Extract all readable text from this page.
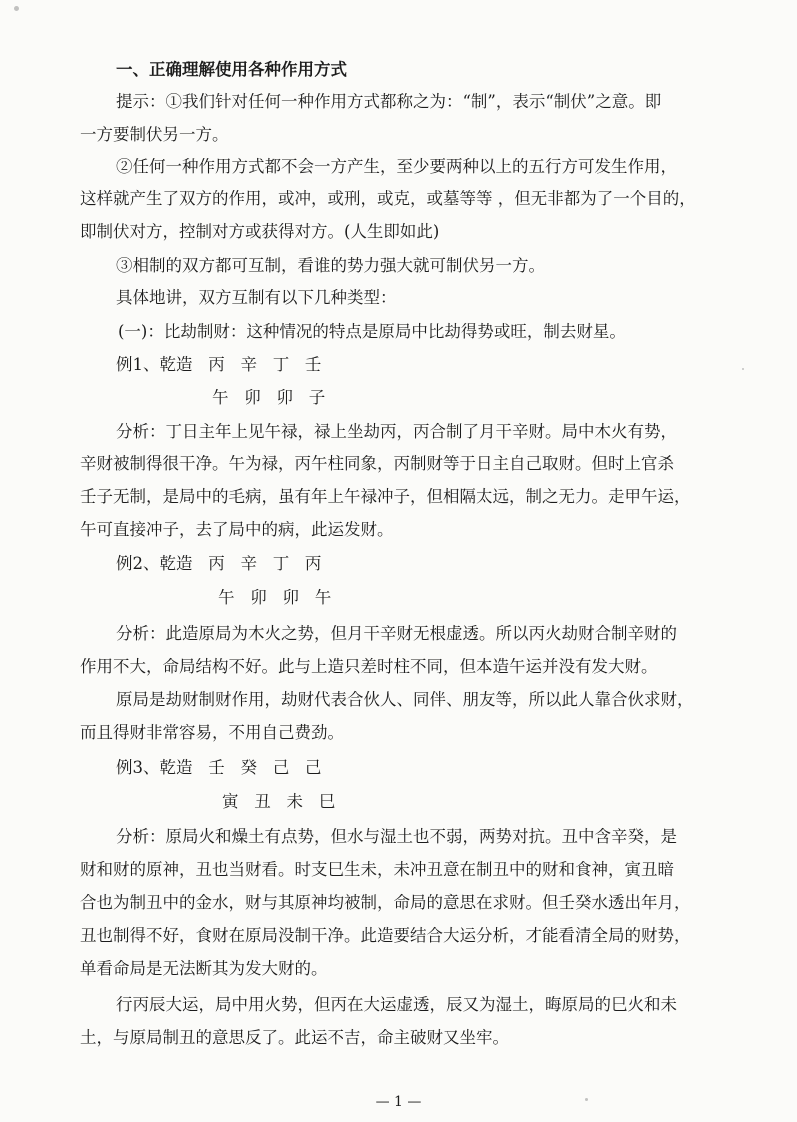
一、正确理解使用各种作用方式
提示：①我们针对任何一种作用方式都称之为：“制”，表示“制伏”之意。即
一方要制伏另一方。
②任何一种作用方式都不会一方产生，至少要两种以上的五行方可发生作用，
这样就产生了双方的作用，或冲，或刑，或克，或墓等等 ，但无非都为了一个目的，
即制伏对方，控制对方或获得对方。(人生即如此)
③相制的双方都可互制，看谁的势力强大就可制伏另一方。
具体地讲，双方互制有以下几种类型：
(一)：比劫制财：这种情况的特点是原局中比劫得势或旺，制去财星。
例1、乾造   丙   辛   丁   壬
午   卯   卯   子
分析：丁日主年上见午禄，禄上坐劫丙，丙合制了月干辛财。局中木火有势，
辛财被制得很干净。午为禄，丙午柱同象，丙制财等于日主自己取财。但时上官杀
壬子无制，是局中的毛病，虽有年上午禄冲子，但相隔太远，制之无力。走甲午运，
午可直接冲子，去了局中的病，此运发财。
例2、乾造   丙   辛   丁   丙
午   卯   卯   午
分析：此造原局为木火之势，但月干辛财无根虚透。所以丙火劫财合制辛财的
作用不大，命局结构不好。此与上造只差时柱不同，但本造午运并没有发大财。
原局是劫财制财作用，劫财代表合伙人、同伴、朋友等，所以此人靠合伙求财，
而且得财非常容易，不用自己费劲。
例3、乾造   壬   癸   己   己
寅   丑   未   巳
分析：原局火和燥土有点势，但水与湿土也不弱，两势对抗。丑中含辛癸，是
财和财的原神，丑也当财看。时支巳生未，未冲丑意在制丑中的财和食神，寅丑暗
合也为制丑中的金水，财与其原神均被制，命局的意思在求财。但壬癸水透出年月，
丑也制得不好，食财在原局没制干净。此造要结合大运分析，才能看清全局的财势，
单看命局是无法断其为发大财的。
行丙辰大运，局中用火势，但丙在大运虚透，辰又为湿土，晦原局的巳火和未
土，与原局制丑的意思反了。此运不吉，命主破财又坐牢。
— 1 —
